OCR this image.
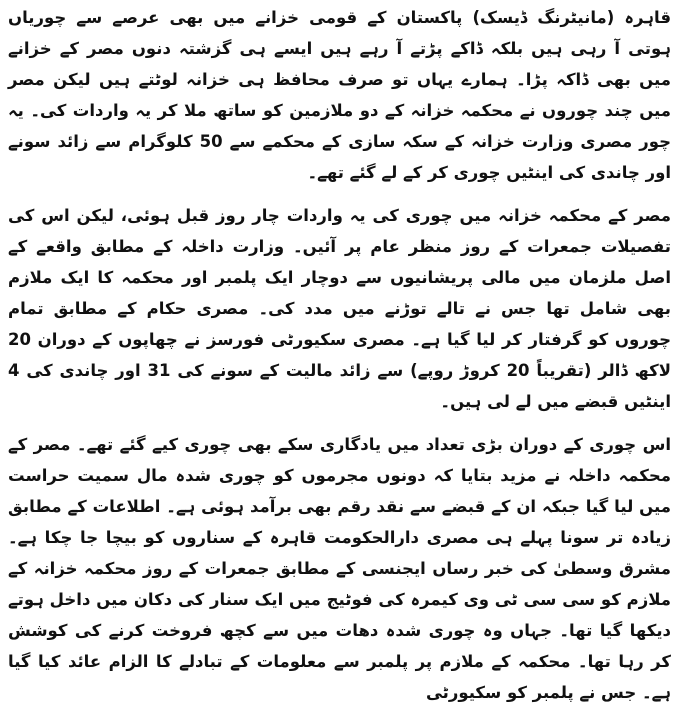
قاہرہ (مانیٹرنگ ڈیسک) پاکستان کے قومی خزانے میں بھی عرصے سے چوریاں ہوتی آ رہی ہیں بلکہ ڈاکے پڑتے آ رہے ہیں ایسے ہی گزشتہ دنوں مصر کے خزانے میں بھی ڈاکہ پڑا۔ ہمارے یہاں تو صرف محافظ ہی خزانہ لوٹتے ہیں لیکن مصر میں چند چوروں نے محکمہ خزانہ کے دو ملازمین کو ساتھ ملا کر یہ واردات کی۔ یہ چور مصری وزارت خزانہ کے سکہ سازی کے محکمے سے 50 کلوگرام سے زائد سونے اور چاندی کی اینٹیں چوری کر کے لے گئے تھے۔

مصر کے محکمہ خزانہ میں چوری کی یہ واردات چار روز قبل ہوئی، لیکن اس کی تفصیلات جمعرات کے روز منظر عام پر آئیں۔ وزارت داخلہ کے مطابق واقعے کے اصل ملزمان میں مالی پریشانیوں سے دوچار ایک پلمبر اور محکمہ کا ایک ملازم بھی شامل تھا جس نے تالے توڑنے میں مدد کی۔ مصری حکام کے مطابق تمام چوروں کو گرفتار کر لیا گیا ہے۔ مصری سکیورٹی فورسز نے چھاپوں کے دوران 20 لاکھ ڈالر (تقریباً 20 کروڑ روپے) سے زائد مالیت کے سونے کی 31 اور چاندی کی 4 اینٹیں قبضے میں لے لی ہیں۔

اس چوری کے دوران بڑی تعداد میں یادگاری سکے بھی چوری کیے گئے تھے۔ مصر کے محکمہ داخلہ نے مزید بتایا کہ دونوں مجرموں کو چوری شدہ مال سمیت حراست میں لیا گیا جبکہ ان کے قبضے سے نقد رقم بھی برآمد ہوئی ہے۔ اطلاعات کے مطابق زیادہ تر سونا پہلے ہی مصری دارالحکومت قاہرہ کے سناروں کو بیچا جا چکا ہے۔ مشرق وسطیٰ کی خبر رساں ایجنسی کے مطابق جمعرات کے روز محکمہ خزانہ کے ملازم کو سی سی ٹی وی کیمرہ کی فوٹیج میں ایک سنار کی دکان میں داخل ہوتے دیکھا گیا تھا۔ جہاں وہ چوری شدہ دھات میں سے کچھ فروخت کرنے کی کوشش کر رہا تھا۔ محکمہ کے ملازم پر پلمبر سے معلومات کے تبادلے کا الزام عائد کیا گیا ہے۔ جس نے پلمبر کو سکیورٹی
